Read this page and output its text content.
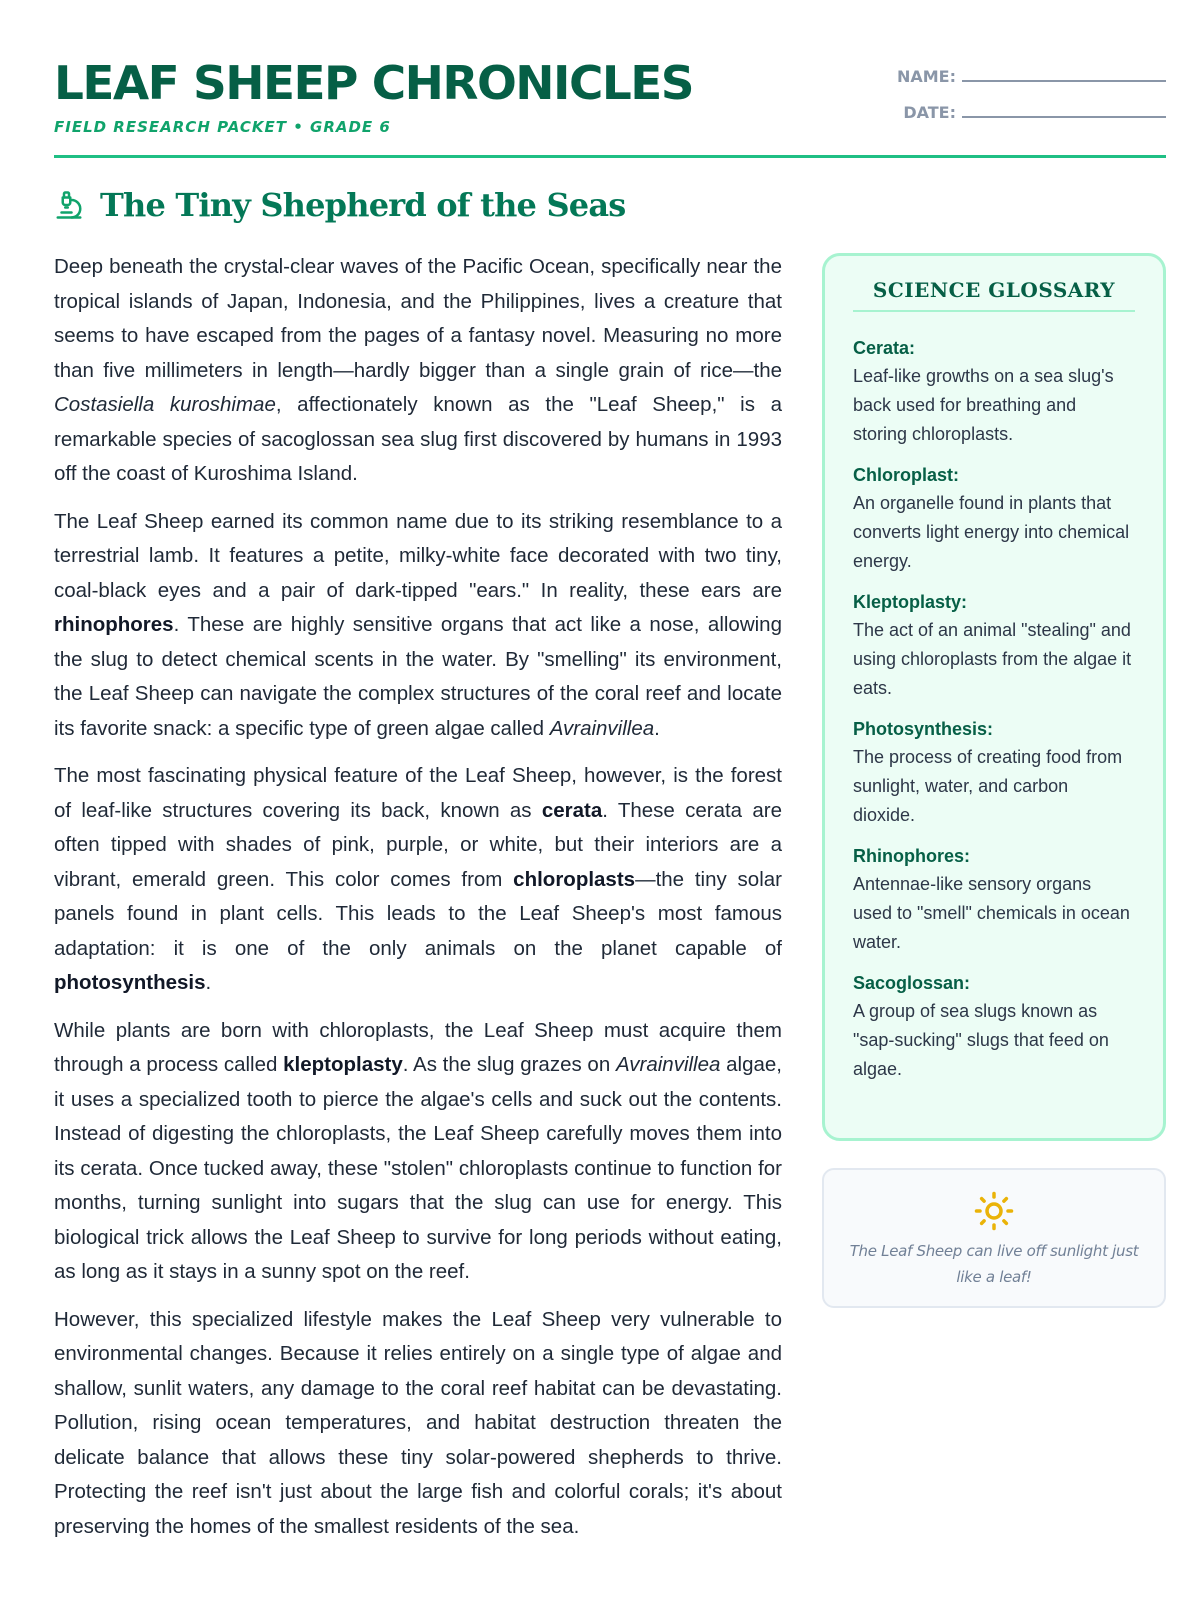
LEAF SHEEP CHRONICLES
FIELD RESEARCH PACKET • GRADE 6
NAME:
DATE:
The Tiny Shepherd of the Seas

Deep beneath the crystal-clear waves of the Pacific Ocean, specifically near the tropical islands of Japan, Indonesia, and the Philippines, lives a creature that seems to have escaped from the pages of a fantasy novel. Measuring no more than five millimeters in length—hardly bigger than a single grain of rice—the Costasiella kuroshimae, affectionately known as the "Leaf Sheep," is a remarkable species of sacoglossan sea slug first discovered by humans in 1993 off the coast of Kuroshima Island.

The Leaf Sheep earned its common name due to its striking resemblance to a terrestrial lamb. It features a petite, milky-white face decorated with two tiny, coal-black eyes and a pair of dark-tipped "ears." In reality, these ears are rhinophores. These are highly sensitive organs that act like a nose, allowing the slug to detect chemical scents in the water. By "smelling" its environment, the Leaf Sheep can navigate the complex structures of the coral reef and locate its favorite snack: a specific type of green algae called Avrainvillea.

The most fascinating physical feature of the Leaf Sheep, however, is the forest of leaf-like structures covering its back, known as cerata. These cerata are often tipped with shades of pink, purple, or white, but their interiors are a vibrant, emerald green. This color comes from chloroplasts—the tiny solar panels found in plant cells. This leads to the Leaf Sheep's most famous adaptation: it is one of the only animals on the planet capable of photosynthesis.

While plants are born with chloroplasts, the Leaf Sheep must acquire them through a process called kleptoplasty. As the slug grazes on Avrainvillea algae, it uses a specialized tooth to pierce the algae's cells and suck out the contents. Instead of digesting the chloroplasts, the Leaf Sheep carefully moves them into its cerata. Once tucked away, these "stolen" chloroplasts continue to function for months, turning sunlight into sugars that the slug can use for energy. This biological trick allows the Leaf Sheep to survive for long periods without eating, as long as it stays in a sunny spot on the reef.

However, this specialized lifestyle makes the Leaf Sheep very vulnerable to environmental changes. Because it relies entirely on a single type of algae and shallow, sunlit waters, any damage to the coral reef habitat can be devastating. Pollution, rising ocean temperatures, and habitat destruction threaten the delicate balance that allows these tiny solar-powered shepherds to thrive. Protecting the reef isn't just about the large fish and colorful corals; it's about preserving the homes of the smallest residents of the sea.

SCIENCE GLOSSARY
Cerata:
Leaf-like growths on a sea slug's back used for breathing and storing chloroplasts.
Chloroplast:
An organelle found in plants that converts light energy into chemical energy.
Kleptoplasty:
The act of an animal "stealing" and using chloroplasts from the algae it eats.
Photosynthesis:
The process of creating food from sunlight, water, and carbon dioxide.
Rhinophores:
Antennae-like sensory organs used to "smell" chemicals in ocean water.
Sacoglossan:
A group of sea slugs known as "sap-sucking" slugs that feed on algae.

The Leaf Sheep can live off sunlight just like a leaf!
